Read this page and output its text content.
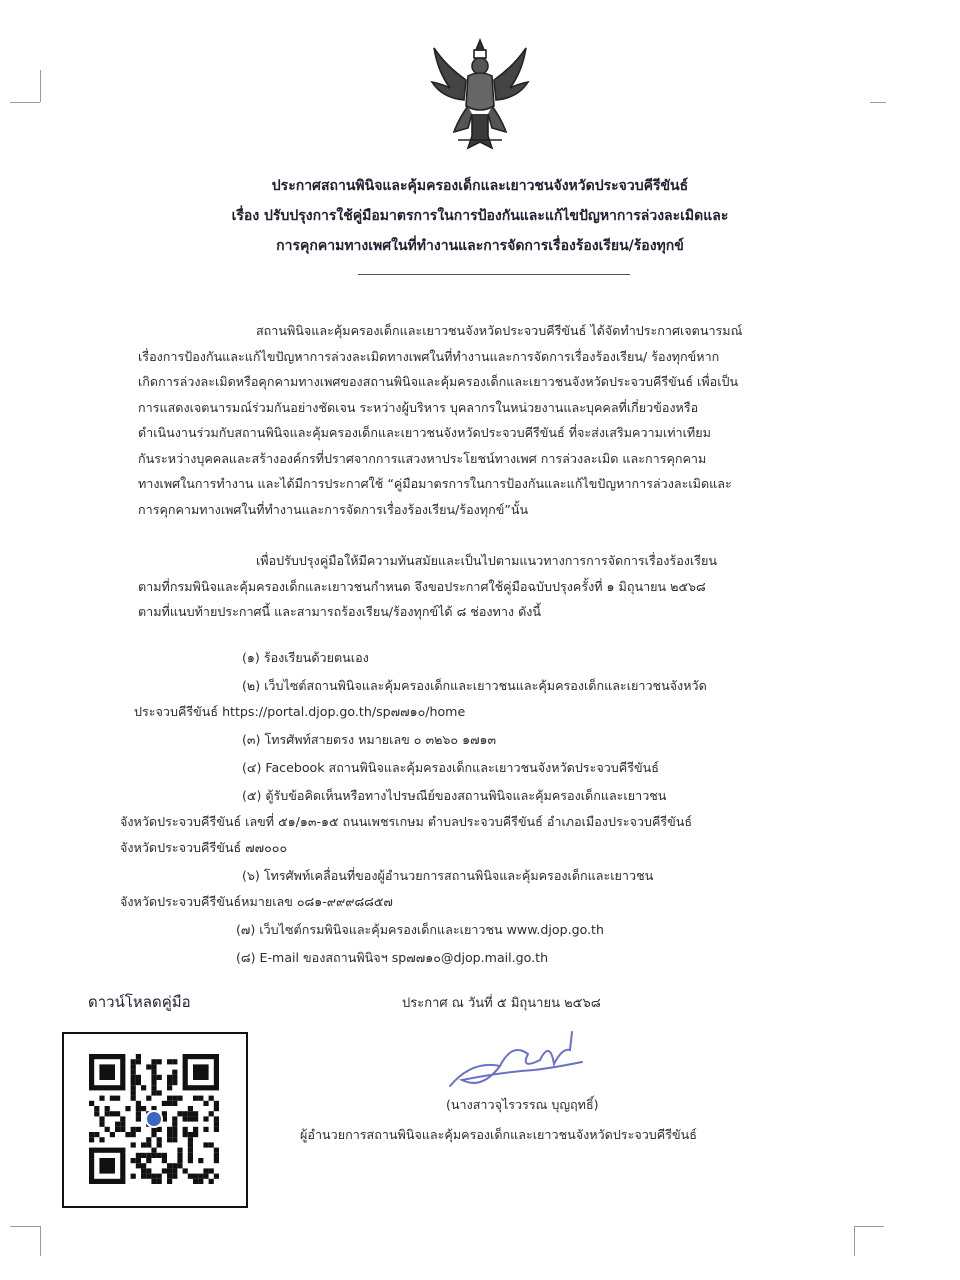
ประกาศสถานพินิจและคุ้มครองเด็กและเยาวชนจังหวัดประจวบคีรีขันธ์
เรื่อง ปรับปรุงการใช้คู่มือมาตรการในการป้องกันและแก้ไขปัญหาการล่วงละเมิดและ
การคุกคามทางเพศในที่ทำงานและการจัดการเรื่องร้องเรียน/ร้องทุกข์
สถานพินิจและคุ้มครองเด็กและเยาวชนจังหวัดประจวบคีรีขันธ์ ได้จัดทำประกาศเจตนารมณ์
เรื่องการป้องกันและแก้ไขปัญหาการล่วงละเมิดทางเพศในที่ทำงานและการจัดการเรื่องร้องเรียน/ ร้องทุกข์หาก
เกิดการล่วงละเมิดหรือคุกคามทางเพศของสถานพินิจและคุ้มครองเด็กและเยาวชนจังหวัดประจวบคีรีขันธ์ เพื่อเป็น
การแสดงเจตนารมณ์ร่วมกันอย่างชัดเจน ระหว่างผู้บริหาร บุคลากรในหน่วยงานและบุคคลที่เกี่ยวข้องหรือ
ดำเนินงานร่วมกับสถานพินิจและคุ้มครองเด็กและเยาวชนจังหวัดประจวบคีรีขันธ์ ที่จะส่งเสริมความเท่าเทียม
กันระหว่างบุคคลและสร้างองค์กรที่ปราศจากการแสวงหาประโยชน์ทางเพศ การล่วงละเมิด และการคุกคาม
ทางเพศในการทำงาน และได้มีการประกาศใช้ “คู่มือมาตรการในการป้องกันและแก้ไขปัญหาการล่วงละเมิดและ
การคุกคามทางเพศในที่ทำงานและการจัดการเรื่องร้องเรียน/ร้องทุกข์”นั้น
เพื่อปรับปรุงคู่มือให้มีความทันสมัยและเป็นไปตามแนวทางการการจัดการเรื่องร้องเรียน
ตามที่กรมพินิจและคุ้มครองเด็กและเยาวชนกำหนด จึงขอประกาศใช้คู่มือฉบับปรุงครั้งที่ ๑ มิถุนายน ๒๕๖๘
ตามที่แนบท้ายประกาศนี้ และสามารถร้องเรียน/ร้องทุกข์ได้ ๘ ช่องทาง ดังนี้
(๑) ร้องเรียนด้วยตนเอง
(๒) เว็บไซต์สถานพินิจและคุ้มครองเด็กและเยาวชนและคุ้มครองเด็กและเยาวชนจังหวัด
ประจวบคีรีขันธ์ https://portal.djop.go.th/sp๗๗๑๐/home
(๓) โทรศัพท์สายตรง หมายเลข ๐ ๓๒๖๐ ๑๗๑๓
(๔) Facebook สถานพินิจและคุ้มครองเด็กและเยาวชนจังหวัดประจวบคีรีขันธ์
(๕) ตู้รับข้อคิดเห็นหรือทางไปรษณีย์ของสถานพินิจและคุ้มครองเด็กและเยาวชน
จังหวัดประจวบคีรีขันธ์ เลขที่ ๕๑/๑๓-๑๕ ถนนเพชรเกษม ตำบลประจวบคีรีขันธ์ อำเภอเมืองประจวบคีรีขันธ์
จังหวัดประจวบคีรีขันธ์ ๗๗๐๐๐
(๖) โทรศัพท์เคลื่อนที่ของผู้อำนวยการสถานพินิจและคุ้มครองเด็กและเยาวชน
จังหวัดประจวบคีรีขันธ์หมายเลข ๐๘๑-๙๙๙๘๘๕๗
(๗) เว็บไซต์กรมพินิจและคุ้มครองเด็กและเยาวชน www.djop.go.th
(๘) E-mail ของสถานพินิจฯ sp๗๗๑๐@djop.mail.go.th
ดาวน์โหลดคู่มือ	ประกาศ ณ วันที่ ๕ มิถุนายน ๒๕๖๘
(นางสาวจุไรวรรณ บุญฤทธิ์)
ผู้อำนวยการสถานพินิจและคุ้มครองเด็กและเยาวชนจังหวัดประจวบคีรีขันธ์
